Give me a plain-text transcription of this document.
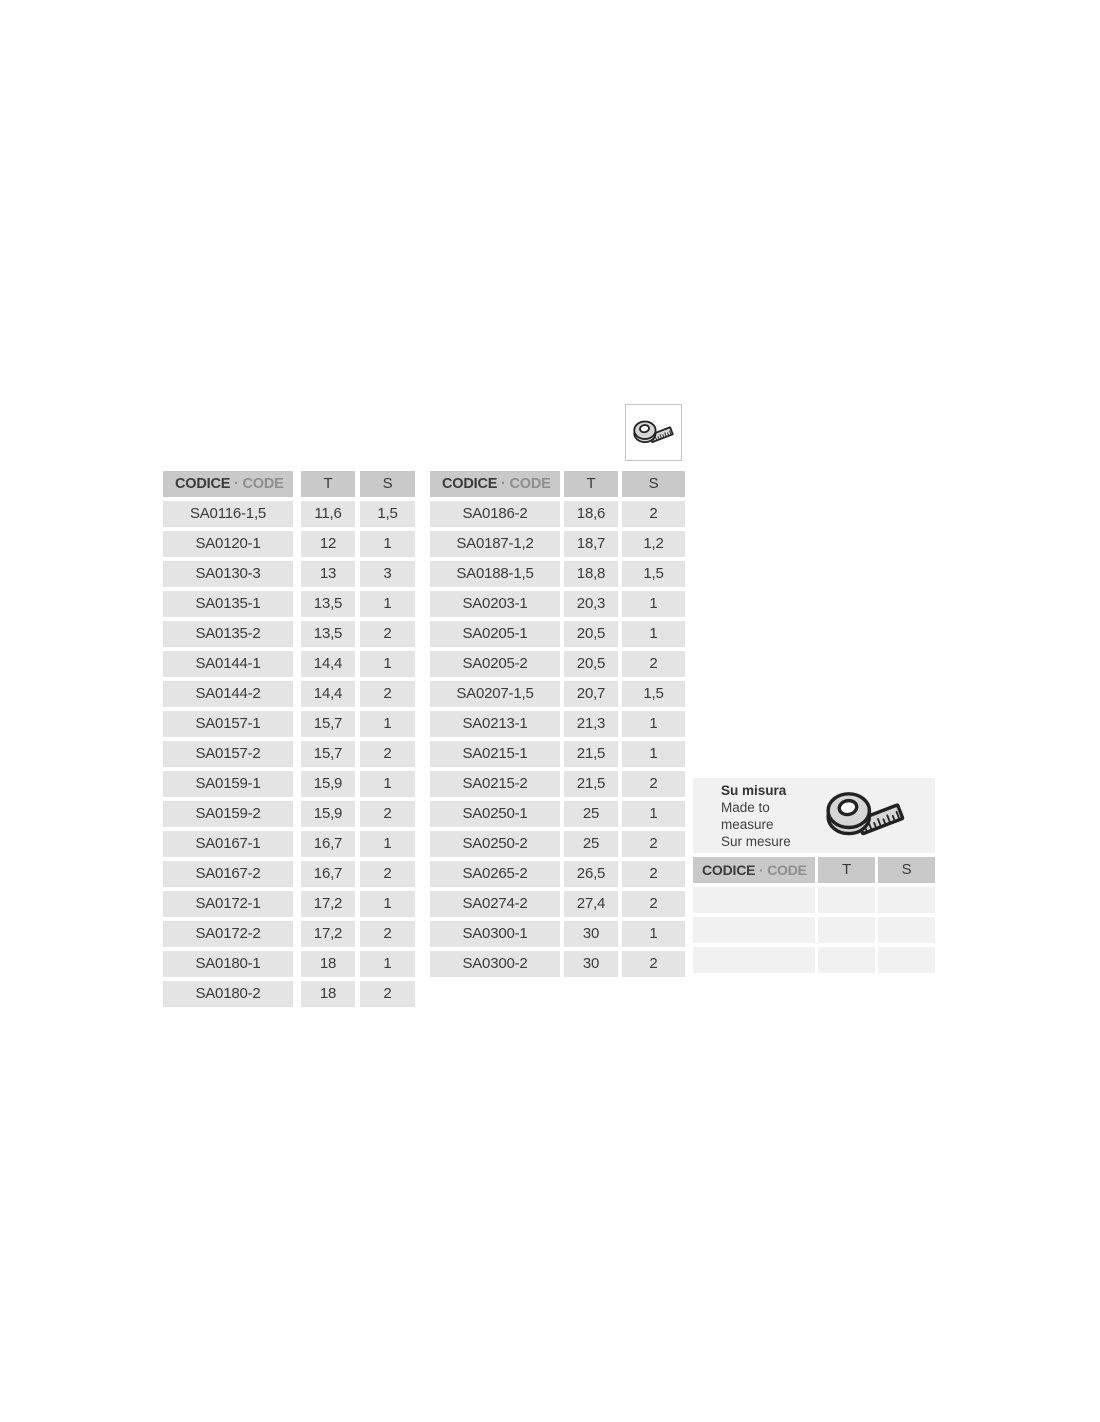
CODICE · CODE	T	S
SA0116-1,5	11,6	1,5
SA0120-1	12	1
SA0130-3	13	3
SA0135-1	13,5	1
SA0135-2	13,5	2
SA0144-1	14,4	1
SA0144-2	14,4	2
SA0157-1	15,7	1
SA0157-2	15,7	2
SA0159-1	15,9	1
SA0159-2	15,9	2
SA0167-1	16,7	1
SA0167-2	16,7	2
SA0172-1	17,2	1
SA0172-2	17,2	2
SA0180-1	18	1
SA0180-2	18	2
CODICE · CODE	T	S
SA0186-2	18,6	2
SA0187-1,2	18,7	1,2
SA0188-1,5	18,8	1,5
SA0203-1	20,3	1
SA0205-1	20,5	1
SA0205-2	20,5	2
SA0207-1,5	20,7	1,5
SA0213-1	21,3	1
SA0215-1	21,5	1
SA0215-2	21,5	2
SA0250-1	25	1
SA0250-2	25	2
SA0265-2	26,5	2
SA0274-2	27,4	2
SA0300-1	30	1
SA0300-2	30	2
Su misura
Made to measure
Sur mesure
CODICE · CODE	T	S
